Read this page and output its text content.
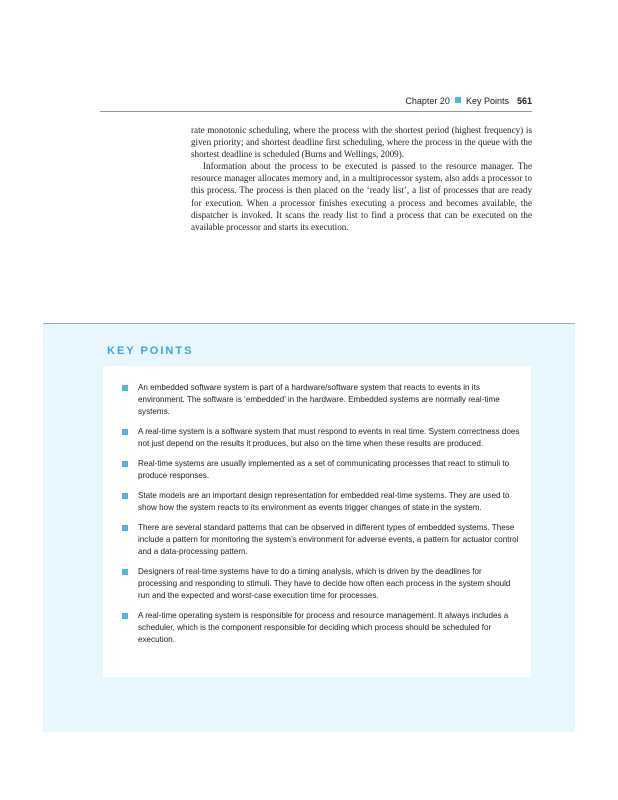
Chapter 20 Key Points 561

rate monotonic scheduling, where the process with the shortest period (highest frequency) is given priority; and shortest deadline first scheduling, where the process in the queue with the shortest deadline is scheduled (Burns and Wellings, 2009).

Information about the process to be executed is passed to the resource manager. The resource manager allocates memory and, in a multiprocessor system, also adds a processor to this process. The process is then placed on the ‘ready list’, a list of processes that are ready for execution. When a processor finishes executing a process and becomes available, the dispatcher is invoked. It scans the ready list to find a process that can be executed on the available processor and starts its execution.

KEY POINTS
An embedded software system is part of a hardware/software system that reacts to events in its environment. The software is ‘embedded’ in the hardware. Embedded systems are normally real-time systems.
A real-time system is a software system that must respond to events in real time. System correctness does not just depend on the results it produces, but also on the time when these results are produced.
Real-time systems are usually implemented as a set of communicating processes that react to stimuli to produce responses.
State models are an important design representation for embedded real-time systems. They are used to show how the system reacts to its environment as events trigger changes of state in the system.
There are several standard patterns that can be observed in different types of embedded systems. These include a pattern for monitoring the system’s environment for adverse events, a pattern for actuator control and a data-processing pattern.
Designers of real-time systems have to do a timing analysis, which is driven by the deadlines for processing and responding to stimuli. They have to decide how often each process in the system should run and the expected and worst-case execution time for processes.
A real-time operating system is responsible for process and resource management. It always includes a scheduler, which is the component responsible for deciding which process should be scheduled for execution.
